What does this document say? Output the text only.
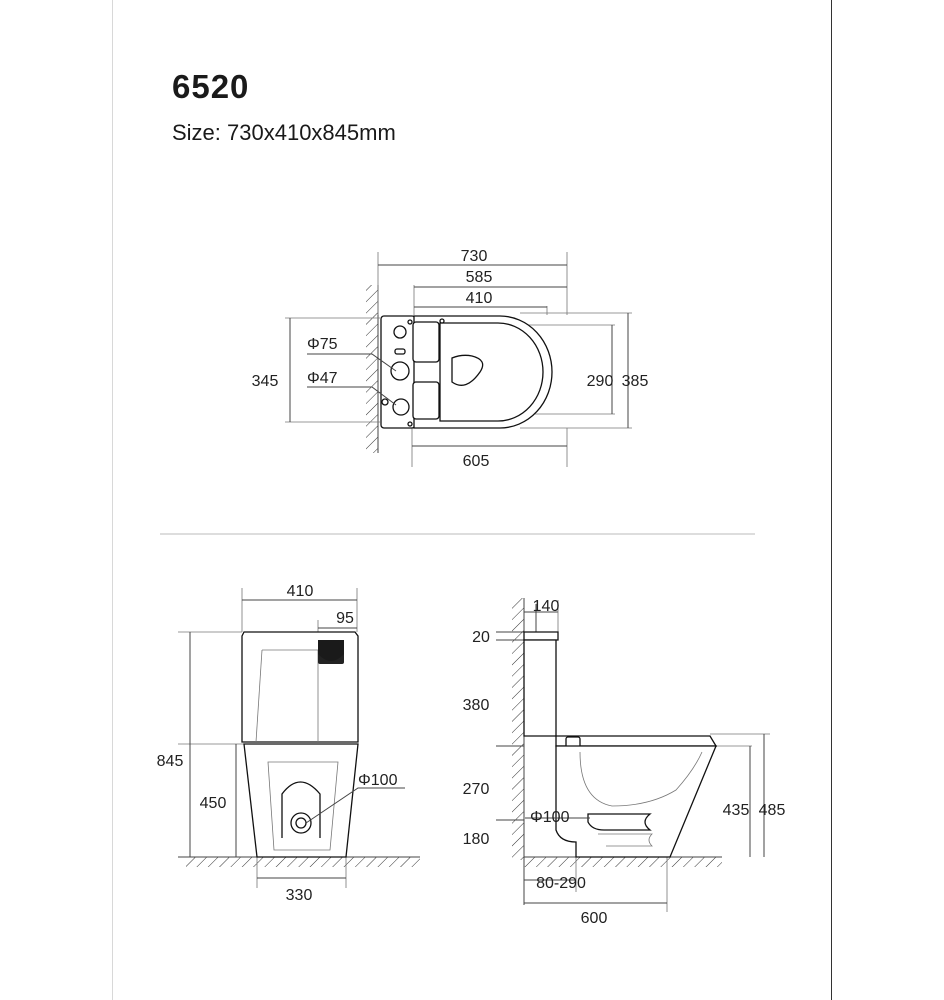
6520
Size: 730x410x845mm
730
585
410
345	290 385
605
Φ75
Φ47
410
95
845
450
330
Φ100
140
20
380
270
180
Φ100	435 485
80-290
600
